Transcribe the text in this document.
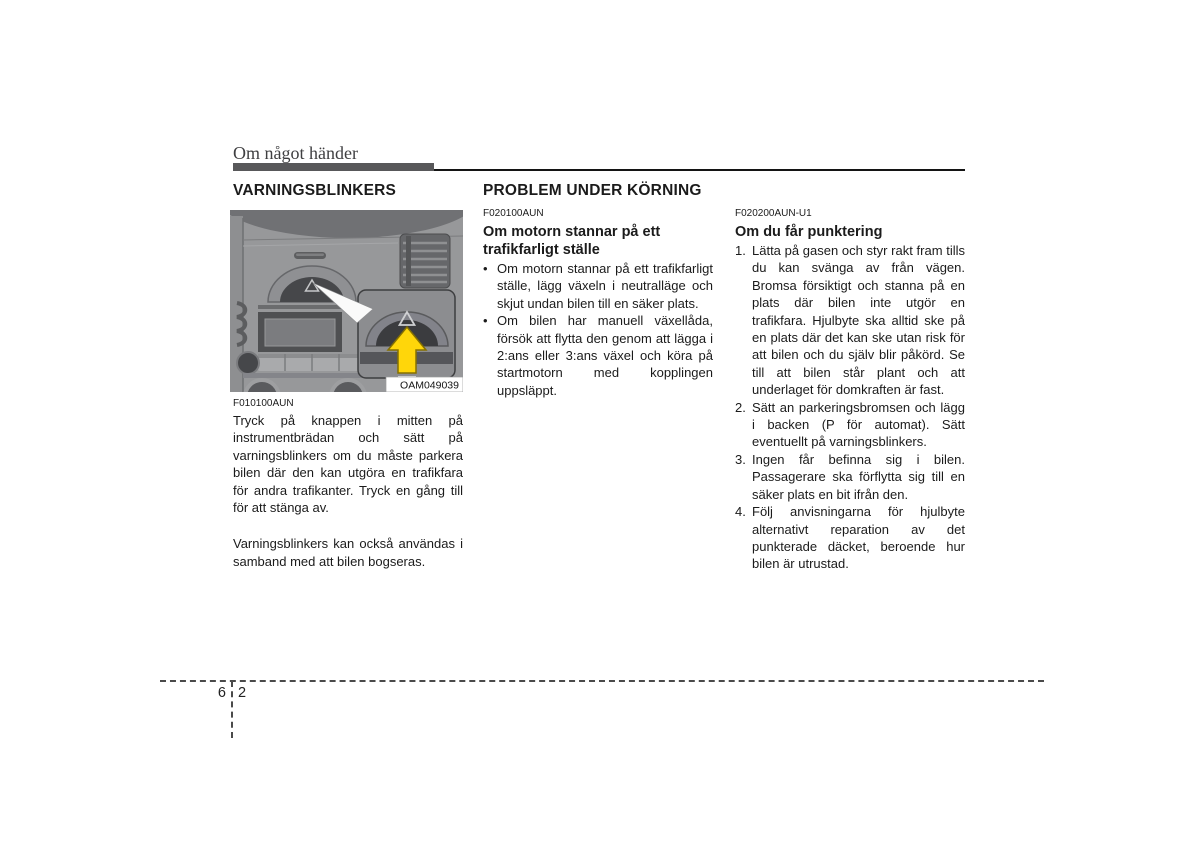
Om något händer
VARNINGSBLINKERS
OAM049039
F010100AUN

Tryck på knappen i mitten på instrumentbrädan och sätt på varningsblinkers om du måste parkera bilen där den kan utgöra en trafikfara för andra trafikanter. Tryck en gång till för att stänga av.

Varningsblinkers kan också användas i samband med att bilen bogseras.

PROBLEM UNDER KÖRNING
F020100AUN
Om motorn stannar på ett trafikfarligt ställe
• Om motorn stannar på ett trafikfarligt ställe, lägg växeln i neutralläge och skjut undan bilen till en säker plats.
• Om bilen har manuell växellåda, försök att flytta den genom att lägga i 2:ans eller 3:ans växel och köra på startmotorn med kopplingen uppsläppt.
F020200AUN-U1
Om du får punktering
1. Lätta på gasen och styr rakt fram tills du kan svänga av från vägen. Bromsa försiktigt och stanna på en plats där bilen inte utgör en trafikfara. Hjulbyte ska alltid ske på en plats där det kan ske utan risk för att bilen och du själv blir påkörd. Se till att bilen står plant och att underlaget för domkraften är fast.
2. Sätt an parkeringsbromsen och lägg i backen (P för automat). Sätt eventuellt på varningsblinkers.
3. Ingen får befinna sig i bilen. Passagerare ska förflytta sig till en säker plats en bit ifrån den.
4. Följ anvisningarna för hjulbyte alternativt reparation av det punkterade däcket, beroende hur bilen är utrustad.
6 2
